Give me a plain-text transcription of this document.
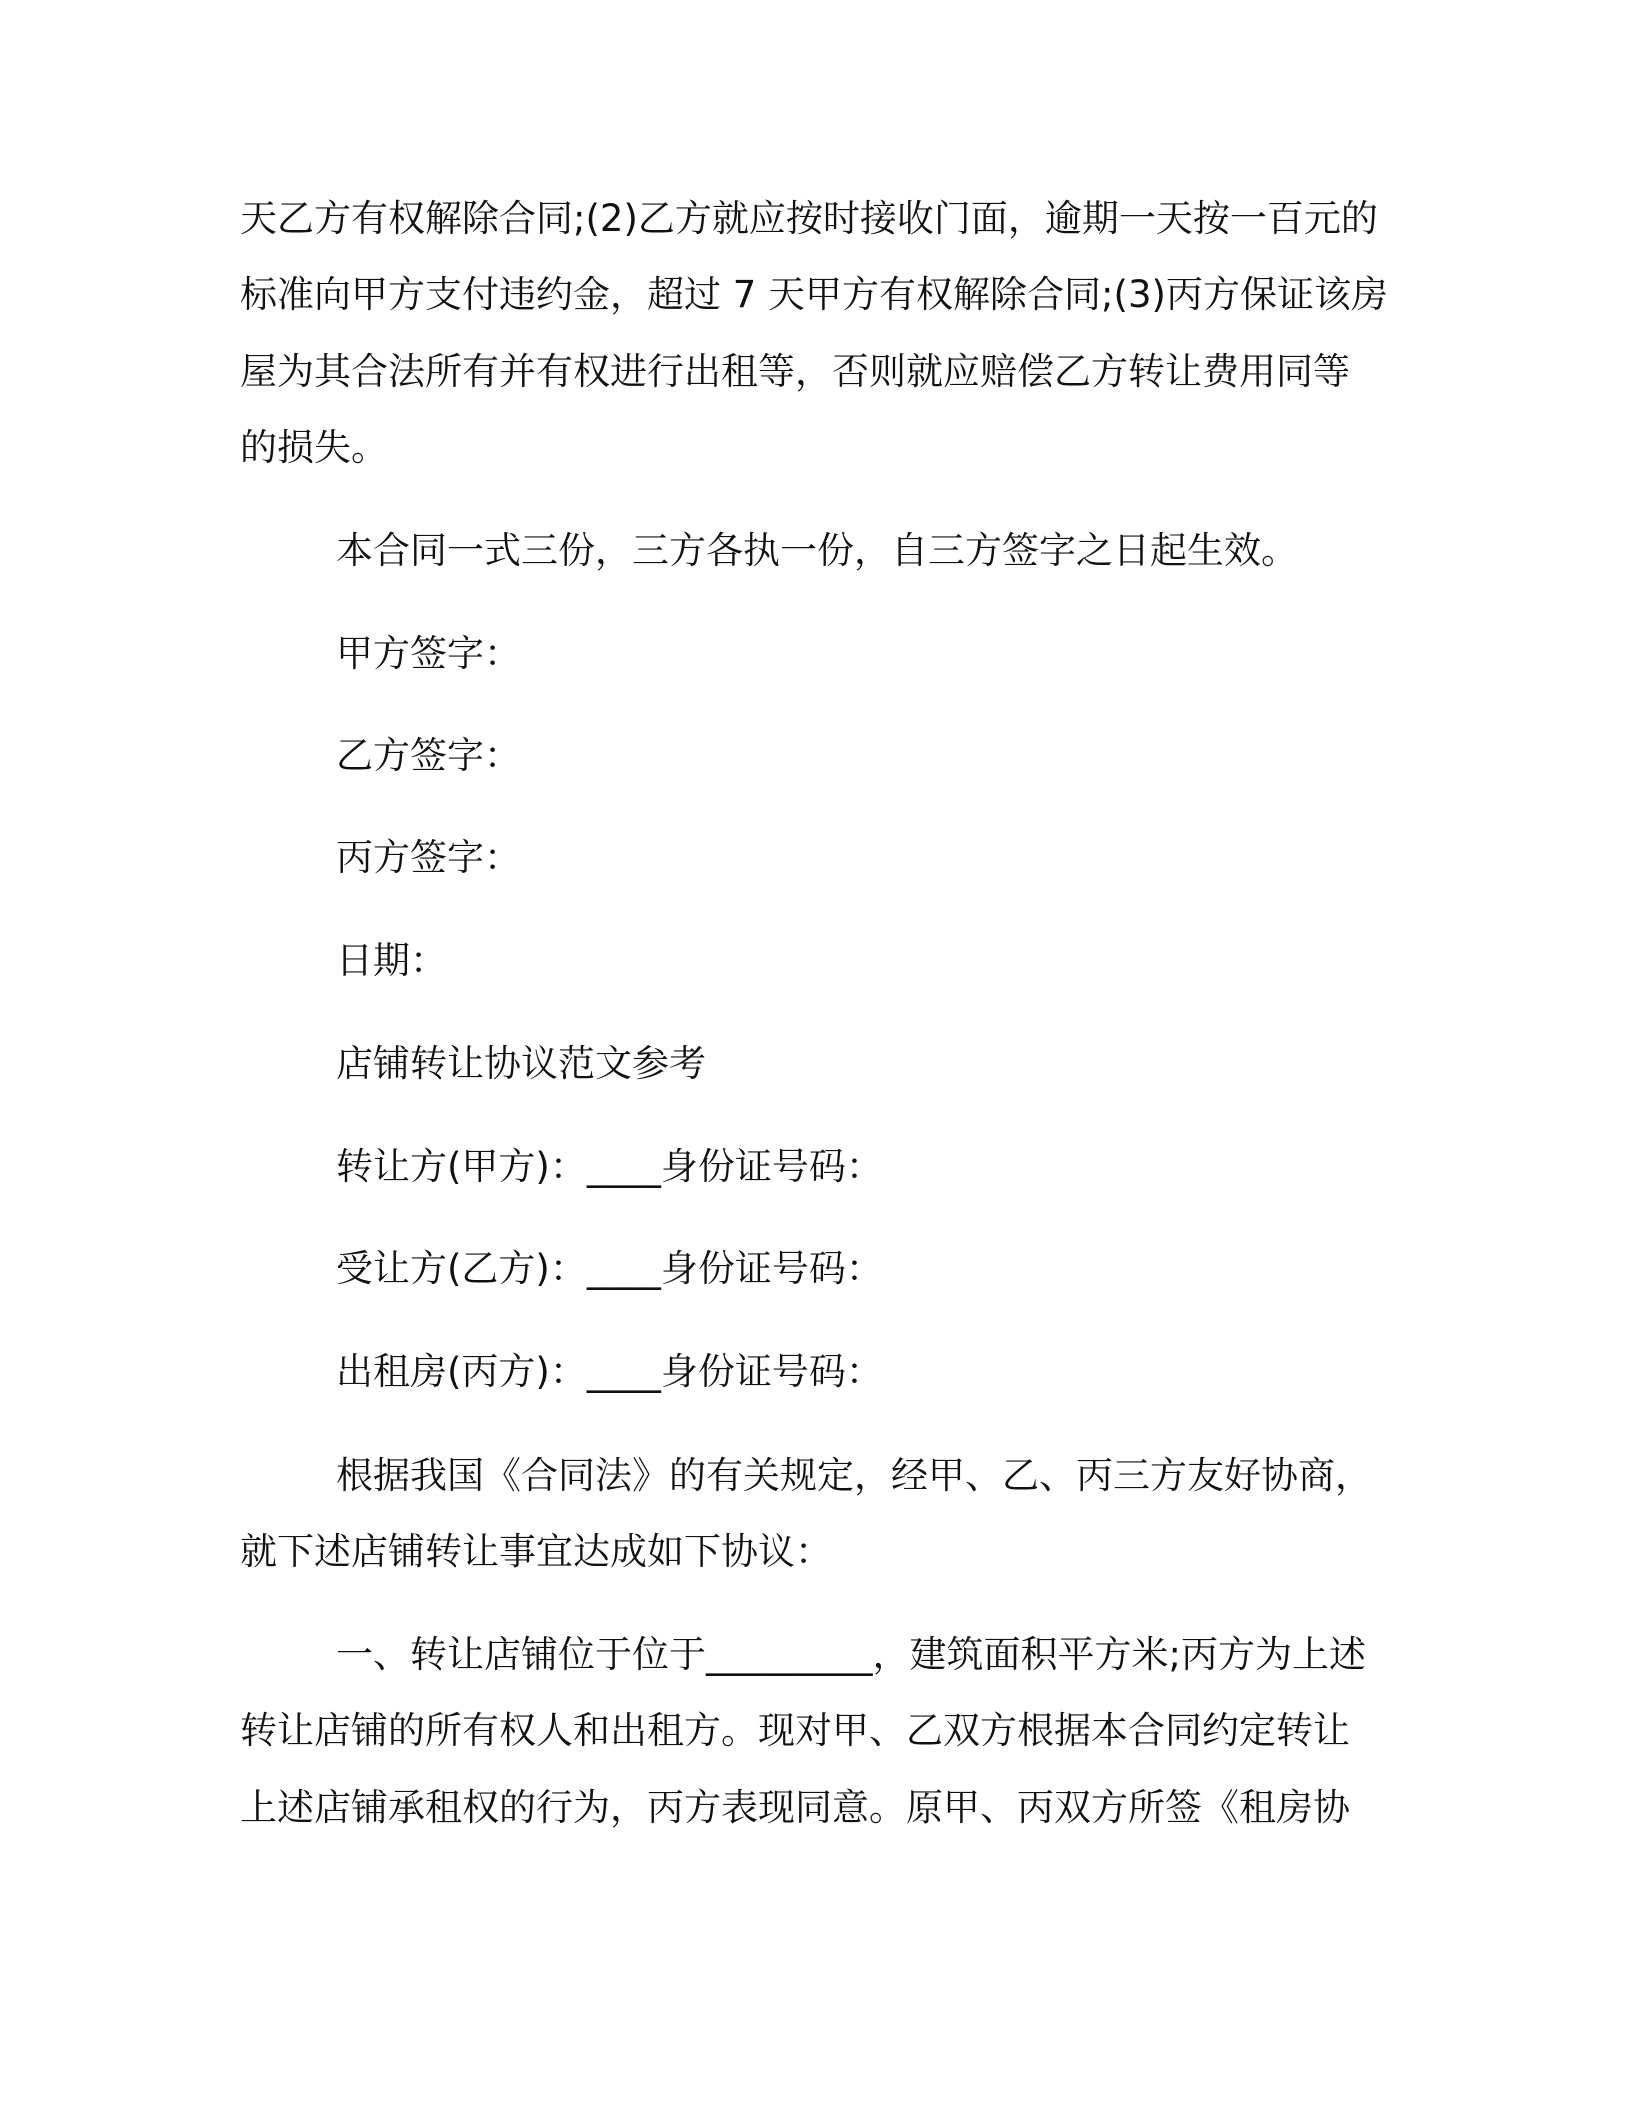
天乙方有权解除合同;(2)乙方就应按时接收门面，逾期一天按一百元的
标准向甲方支付违约金，超过 7 天甲方有权解除合同;(3)丙方保证该房
屋为其合法所有并有权进行出租等，否则就应赔偿乙方转让费用同等
的损失。
本合同一式三份，三方各执一份，自三方签字之日起生效。
甲方签字：
乙方签字：
丙方签字：
日期：
店铺转让协议范文参考
转让方(甲方)：____身份证号码：
受让方(乙方)：____身份证号码：
出租房(丙方)：____身份证号码：
根据我国《合同法》的有关规定，经甲、乙、丙三方友好协商，
就下述店铺转让事宜达成如下协议：
一、转让店铺位于位于_________，建筑面积平方米;丙方为上述
转让店铺的所有权人和出租方。现对甲、乙双方根据本合同约定转让
上述店铺承租权的行为，丙方表现同意。原甲、丙双方所签《租房协
